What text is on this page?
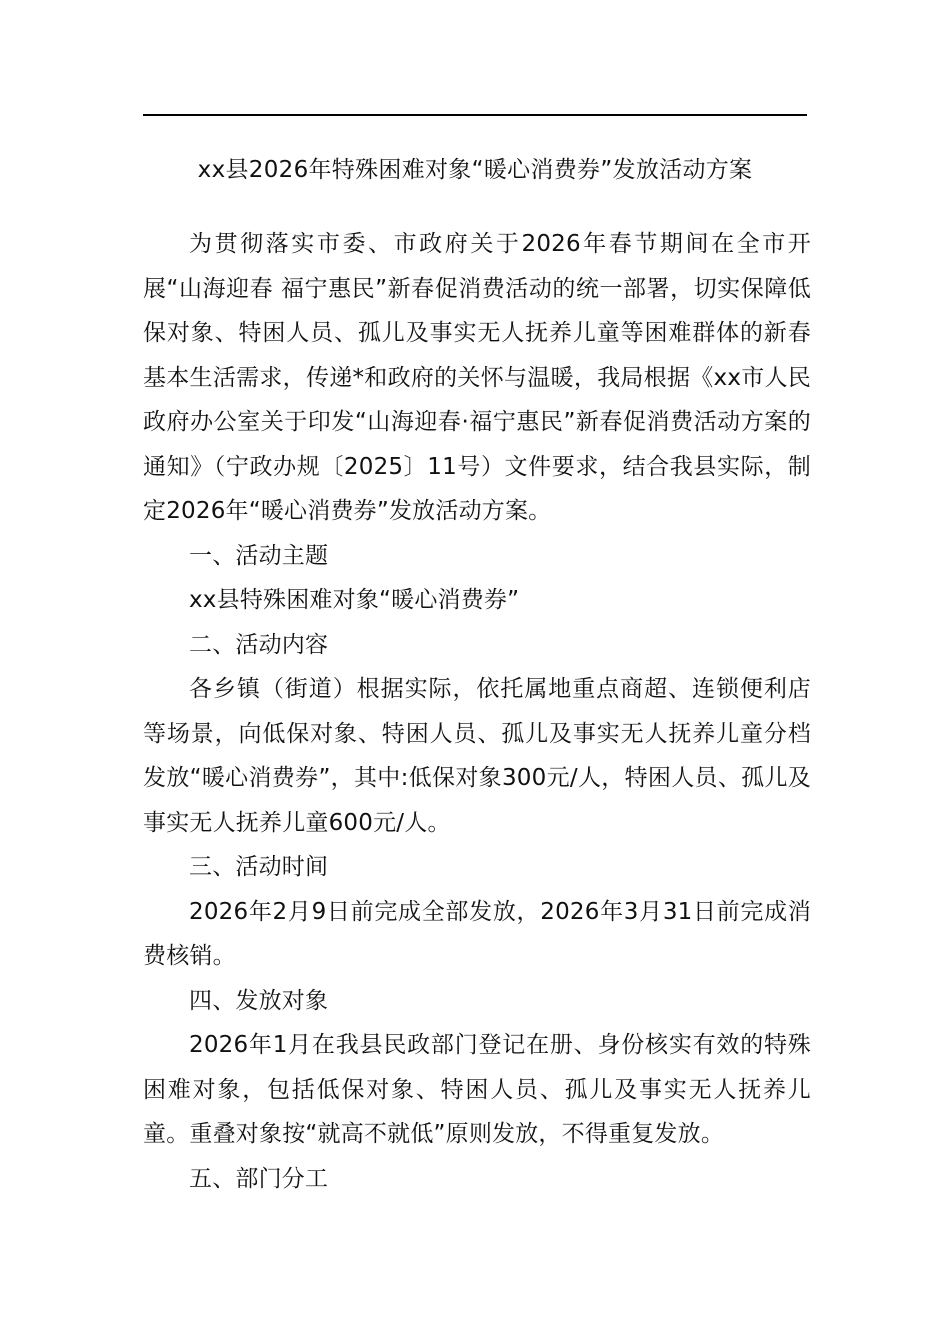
xx县2026年特殊困难对象“暖心消费券”发放活动方案

为贯彻落实市委、市政府关于2026年春节期间在全市开展“山海迎春 福宁惠民”新春促消费活动的统一部署，切实保障低保对象、特困人员、孤儿及事实无人抚养儿童等困难群体的新春基本生活需求，传递*和政府的关怀与温暖，我局根据《xx市人民政府办公室关于印发“山海迎春·福宁惠民”新春促消费活动方案的通知》（宁政办规〔2025〕11号）文件要求，结合我县实际，制定2026年“暖心消费券”发放活动方案。

一、活动主题

xx县特殊困难对象“暖心消费券”

二、活动内容

各乡镇（街道）根据实际，依托属地重点商超、连锁便利店等场景，向低保对象、特困人员、孤儿及事实无人抚养儿童分档发放“暖心消费券”，其中:低保对象300元/人，特困人员、孤儿及事实无人抚养儿童600元/人。

三、活动时间

2026年2月9日前完成全部发放，2026年3月31日前完成消费核销。

四、发放对象

2026年1月在我县民政部门登记在册、身份核实有效的特殊困难对象，包括低保对象、特困人员、孤儿及事实无人抚养儿童。重叠对象按“就高不就低”原则发放，不得重复发放。

五、部门分工
